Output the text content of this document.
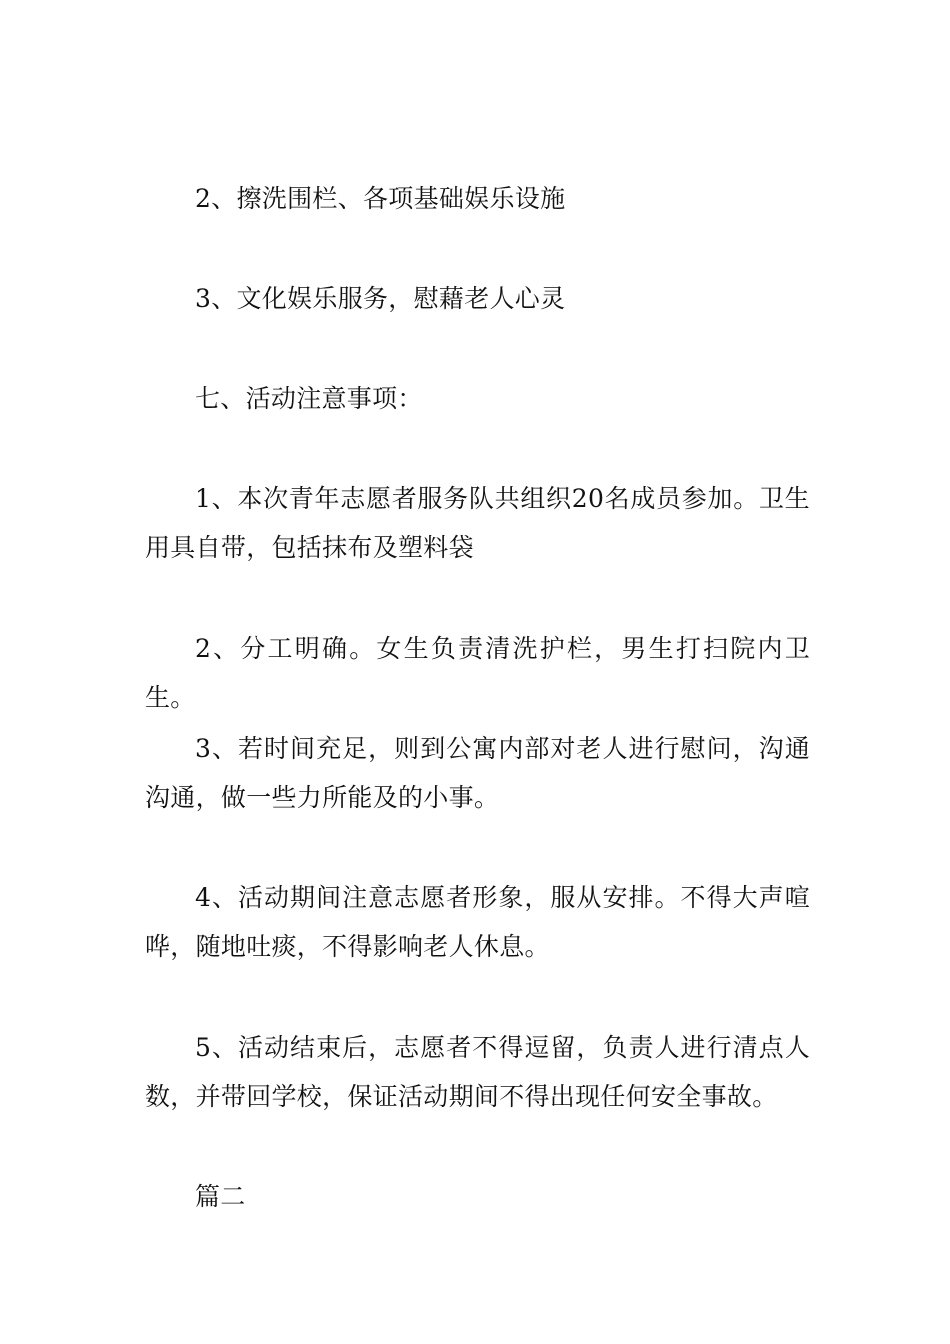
2、擦洗围栏、各项基础娱乐设施

3、文化娱乐服务，慰藉老人心灵

七、活动注意事项：

1、本次青年志愿者服务队共组织20名成员参加。卫生用具自带，包括抹布及塑料袋

2、分工明确。女生负责清洗护栏，男生打扫院内卫生。

3、若时间充足，则到公寓内部对老人进行慰问，沟通沟通，做一些力所能及的小事。

4、活动期间注意志愿者形象，服从安排。不得大声喧哗，随地吐痰，不得影响老人休息。

5、活动结束后，志愿者不得逗留，负责人进行清点人数，并带回学校，保证活动期间不得出现任何安全事故。

篇二
